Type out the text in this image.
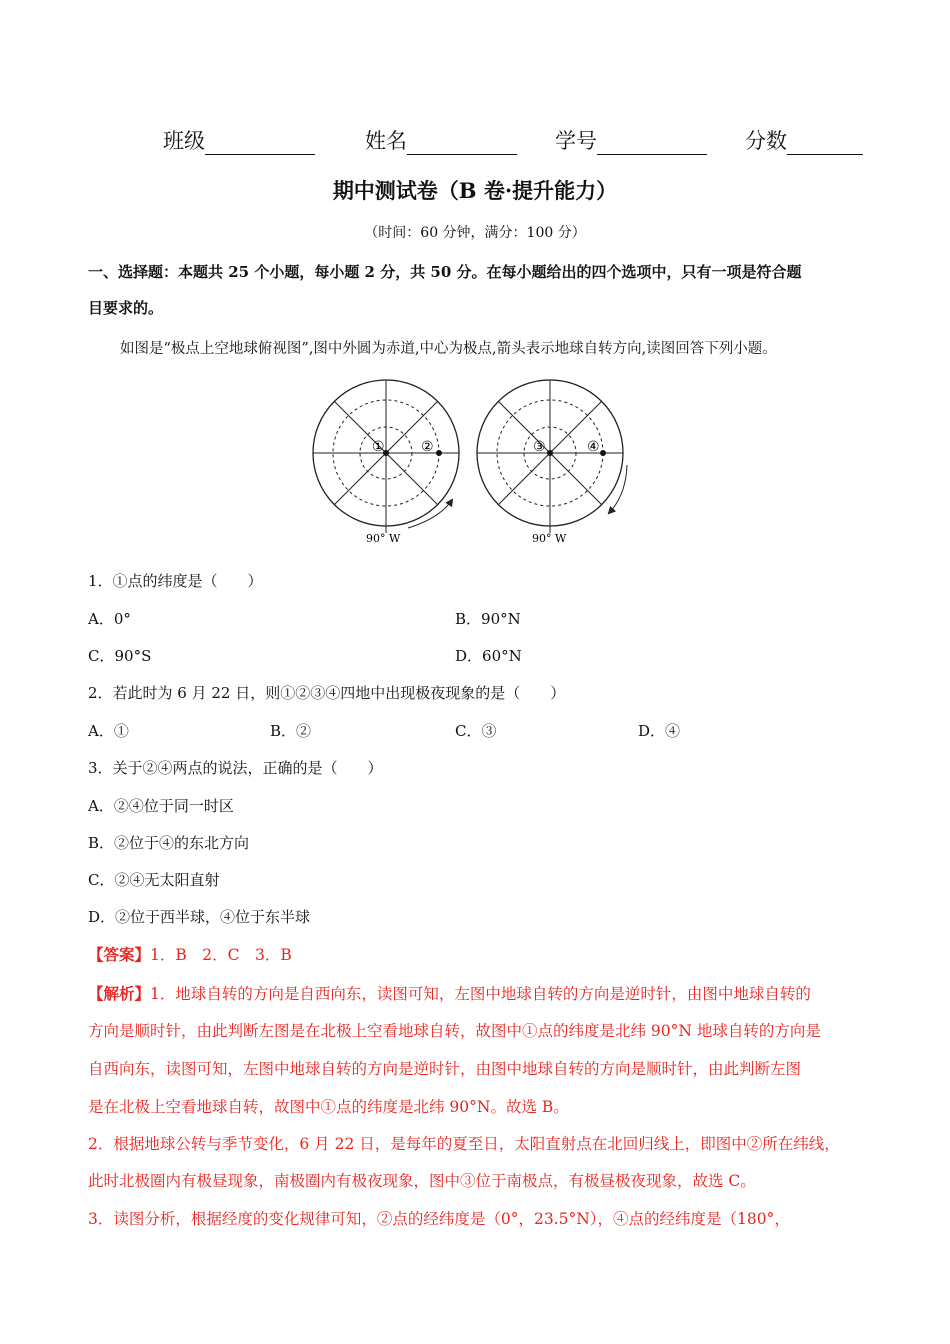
班级	姓名	学号	分数
期中测试卷（B 卷·提升能力）
（时间：60 分钟，满分：100 分）
一、选择题：本题共 25 个小题，每小题 2 分，共 50 分。在每小题给出的四个选项中，只有一项是符合题
目要求的。
如图是“极点上空地球俯视图”,图中外圆为赤道,中心为极点,箭头表示地球自转方向,读图回答下列小题。
①	②
90° W
③	④
90° W
1．①点的纬度是（　　）
A．0°	B．90°N
C．90°S	D．60°N
2．若此时为 6 月 22 日，则①②③④四地中出现极夜现象的是（　　）
A．①	B．②	C．③	D．④
3．关于②④两点的说法，正确的是（　　）
A．②④位于同一时区
B．②位于④的东北方向
C．②④无太阳直射
D．②位于西半球，④位于东半球
【答案】1．B　2．C　3．B
【解析】1．地球自转的方向是自西向东，读图可知，左图中地球自转的方向是逆时针，由图中地球自转的
方向是顺时针，由此判断左图是在北极上空看地球自转，故图中①点的纬度是北纬 90°N 地球自转的方向是
自西向东，读图可知，左图中地球自转的方向是逆时针，由图中地球自转的方向是顺时针，由此判断左图
是在北极上空看地球自转，故图中①点的纬度是北纬 90°N。故选 B。
2．根据地球公转与季节变化，6 月 22 日，是每年的夏至日，太阳直射点在北回归线上，即图中②所在纬线，
此时北极圈内有极昼现象，南极圈内有极夜现象，图中③位于南极点，有极昼极夜现象，故选 C。
3．读图分析，根据经度的变化规律可知，②点的经纬度是（0°，23.5°N），④点的经纬度是（180°，
